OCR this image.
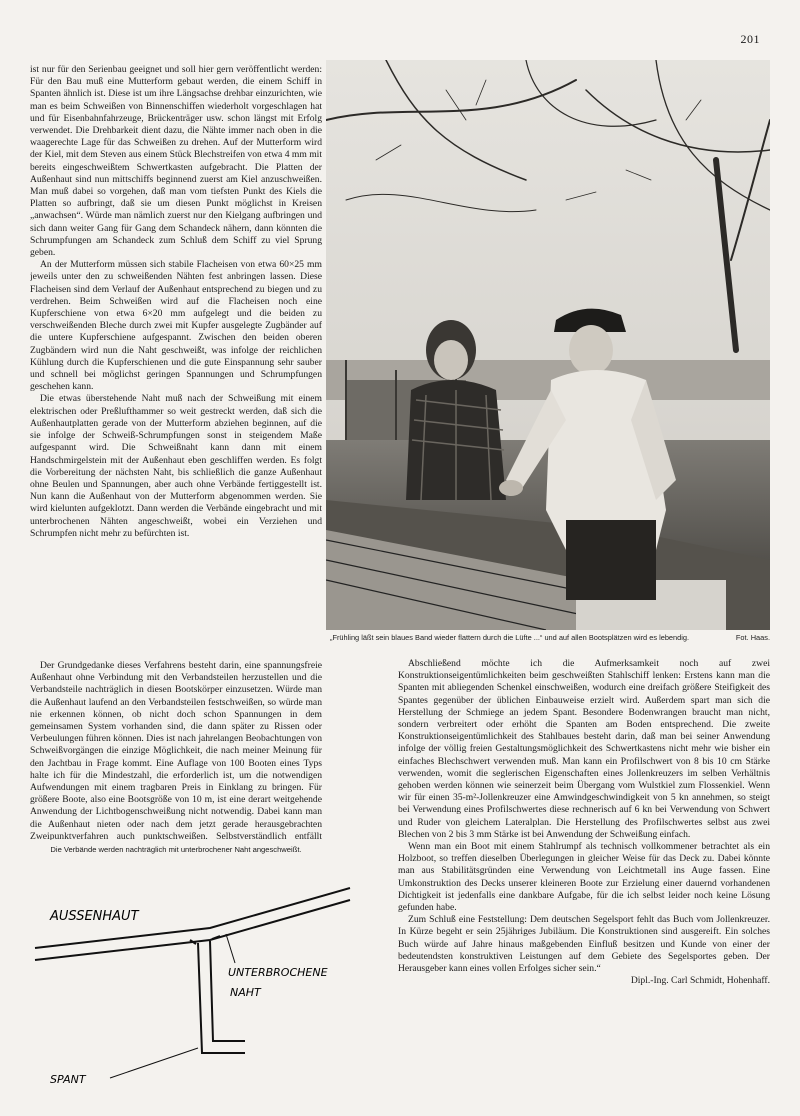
201

ist nur für den Serienbau geeignet und soll hier gern veröffentlicht werden: Für den Bau muß eine Mutterform gebaut werden, die einem Schiff in Spanten ähnlich ist. Diese ist um ihre Längsachse drehbar einzurichten, wie man es beim Schweißen von Binnenschiffen wiederholt vorgeschlagen hat und für Eisenbahnfahrzeuge, Brückenträger usw. schon längst mit Erfolg verwendet. Die Drehbarkeit dient dazu, die Nähte immer nach oben in die waagerechte Lage für das Schweißen zu drehen. Auf der Mutterform wird der Kiel, mit dem Steven aus einem Stück Blechstreifen von etwa 4 mm mit bereits eingeschweißtem Schwertkasten aufgebracht. Die Platten der Außenhaut sind nun mittschiffs beginnend zuerst am Kiel anzuschweißen. Man muß dabei so vorgehen, daß man vom tiefsten Punkt des Kiels die Platten so aufbringt, daß sie um diesen Punkt möglichst in Kreisen „anwachsen“. Würde man nämlich zuerst nur den Kielgang aufbringen und sich dann weiter Gang für Gang dem Schandeck nähern, dann könnten die Schrumpfungen am Schandeck zum Schluß dem Schiff zu viel Sprung geben.

An der Mutterform müssen sich stabile Flacheisen von etwa 60×25 mm jeweils unter den zu schweißenden Nähten fest anbringen lassen. Diese Flacheisen sind dem Verlauf der Außenhaut entsprechend zu biegen und zu verdrehen. Beim Schweißen wird auf die Flacheisen noch eine Kupferschiene von etwa 6×20 mm aufgelegt und die beiden zu verschweißenden Bleche durch zwei mit Kupfer ausgelegte Zugbänder auf die untere Kupferschiene aufgespannt. Zwischen den beiden oberen Zugbändern wird nun die Naht geschweißt, was infolge der reichlichen Kühlung durch die Kupferschienen und die gute Einspannung sehr sauber und schnell bei möglichst geringen Spannungen und Schrumpfungen geschehen kann.

Die etwas überstehende Naht muß nach der Schweißung mit einem elektrischen oder Preßlufthammer so weit gestreckt werden, daß sich die Außenhautplatten gerade von der Mutterform abziehen beginnen, auf die sie infolge der Schweiß-Schrumpfungen sonst in steigendem Maße aufgespannt wird. Die Schweißnaht kann dann mit einem Handschmirgelstein mit der Außenhaut eben geschliffen werden. Es folgt die Vorbereitung der nächsten Naht, bis schließlich die ganze Außenhaut ohne Beulen und Spannungen, aber auch ohne Verbände fertiggestellt ist. Nun kann die Außenhaut von der Mutterform abgenommen werden. Sie wird kielunten aufgeklotzt. Dann werden die Verbände eingebracht und mit unterbrochenen Nähten angeschweißt, wobei ein Verziehen und Schrumpfen nicht mehr zu befürchten ist.

Der Grundgedanke dieses Verfahrens besteht darin, eine spannungsfreie Außenhaut ohne Verbindung mit den Verbandsteilen herzustellen und die Verbandsteile nachträglich in diesen Bootskörper einzusetzen. Würde man die Außenhaut laufend an den Verbandsteilen festschweißen, so würde man nie erkennen können, ob nicht doch schon Spannungen in dem gemeinsamen System vorhanden sind, die dann später zu Rissen oder Verbeulungen führen können. Dies ist nach jahrelangen Beobachtungen von Schweißvorgängen die einzige Möglichkeit, die nach meiner Meinung für den Jachtbau in Frage kommt. Eine Auflage von 100 Booten eines Typs halte ich für die Mindestzahl, die erforderlich ist, um die notwendigen Aufwendungen mit einem tragbaren Preis in Einklang zu bringen. Für größere Boote, also eine Bootsgröße von 10 m, ist eine derart weitgehende Anwendung der Lichtbogenschweißung nicht notwendig. Dabei kann man die Außenhaut nieten oder nach dem jetzt gerade herausgebrachten Zweipunktverfahren auch punktschweißen. Selbstverständlich entfällt

„Frühling läßt sein blaues Band wieder flattern durch die Lüfte ...“ und auf allen Bootsplätzen wird es lebendig.	Fot. Haas.

Abschließend möchte ich die Aufmerksamkeit noch auf zwei Konstruktionseigentümlichkeiten beim geschweißten Stahlschiff lenken: Erstens kann man die Spanten mit abliegenden Schenkel einschweißen, wodurch eine dreifach größere Steifigkeit des Spantes gegenüber der üblichen Einbauweise erzielt wird. Außerdem spart man sich die Herstellung der Schmiege an jedem Spant. Besondere Bodenwrangen braucht man nicht, sondern verbreitert oder erhöht die Spanten am Boden entsprechend. Die zweite Konstruktionseigentümlichkeit des Stahlbaues besteht darin, daß man bei seiner Anwendung infolge der völlig freien Gestaltungsmöglichkeit des Schwertkastens nicht mehr wie bisher ein einfaches Blechschwert verwenden muß. Man kann ein Profilschwert von 8 bis 10 cm Stärke verwenden, womit die seglerischen Eigenschaften eines Jollenkreuzers im selben Verhältnis gehoben werden können wie seinerzeit beim Übergang vom Wulstkiel zum Flossenkiel. Wenn wir für einen 35-m²-Jollenkreuzer eine Amwindgeschwindigkeit von 5 kn annehmen, so steigt bei Verwendung eines Profilschwertes diese rechnerisch auf 6 kn bei Verwendung von Schwert und Ruder von gleichem Lateralplan. Die Herstellung des Profilschwertes selbst aus zwei Blechen von 2 bis 3 mm Stärke ist bei Anwendung der Schweißung einfach.

Wenn man ein Boot mit einem Stahlrumpf als technisch vollkommener betrachtet als ein Holzboot, so treffen dieselben Überlegungen in gleicher Weise für das Deck zu. Dabei könnte man aus Stabilitätsgründen eine Verwendung von Leichtmetall ins Auge fassen. Eine Umkonstruktion des Decks unserer kleineren Boote zur Erzielung einer dauernd vorhandenen Dichtigkeit ist jedenfalls eine dankbare Aufgabe, für die ich selbst leider noch keine Lösung gefunden habe.

Zum Schluß eine Feststellung: Dem deutschen Segelsport fehlt das Buch vom Jollenkreuzer. In Kürze begeht er sein 25jähriges Jubiläum. Die Konstruktionen sind ausgereift. Ein solches Buch würde auf Jahre hinaus maßgebenden Einfluß besitzen und Kunde von einer der bedeutendsten konstruktiven Leistungen auf dem Gebiete des Segelsportes geben. Der Herausgeber kann eines vollen Erfolges sicher sein.“

Dipl.-Ing. Carl Schmidt, Hohenhaff.

Die Verbände werden nachträglich mit unterbrochener Naht angeschweißt.
AUSSENHAUT
UNTERBROCHENE
NAHT
SPANT
